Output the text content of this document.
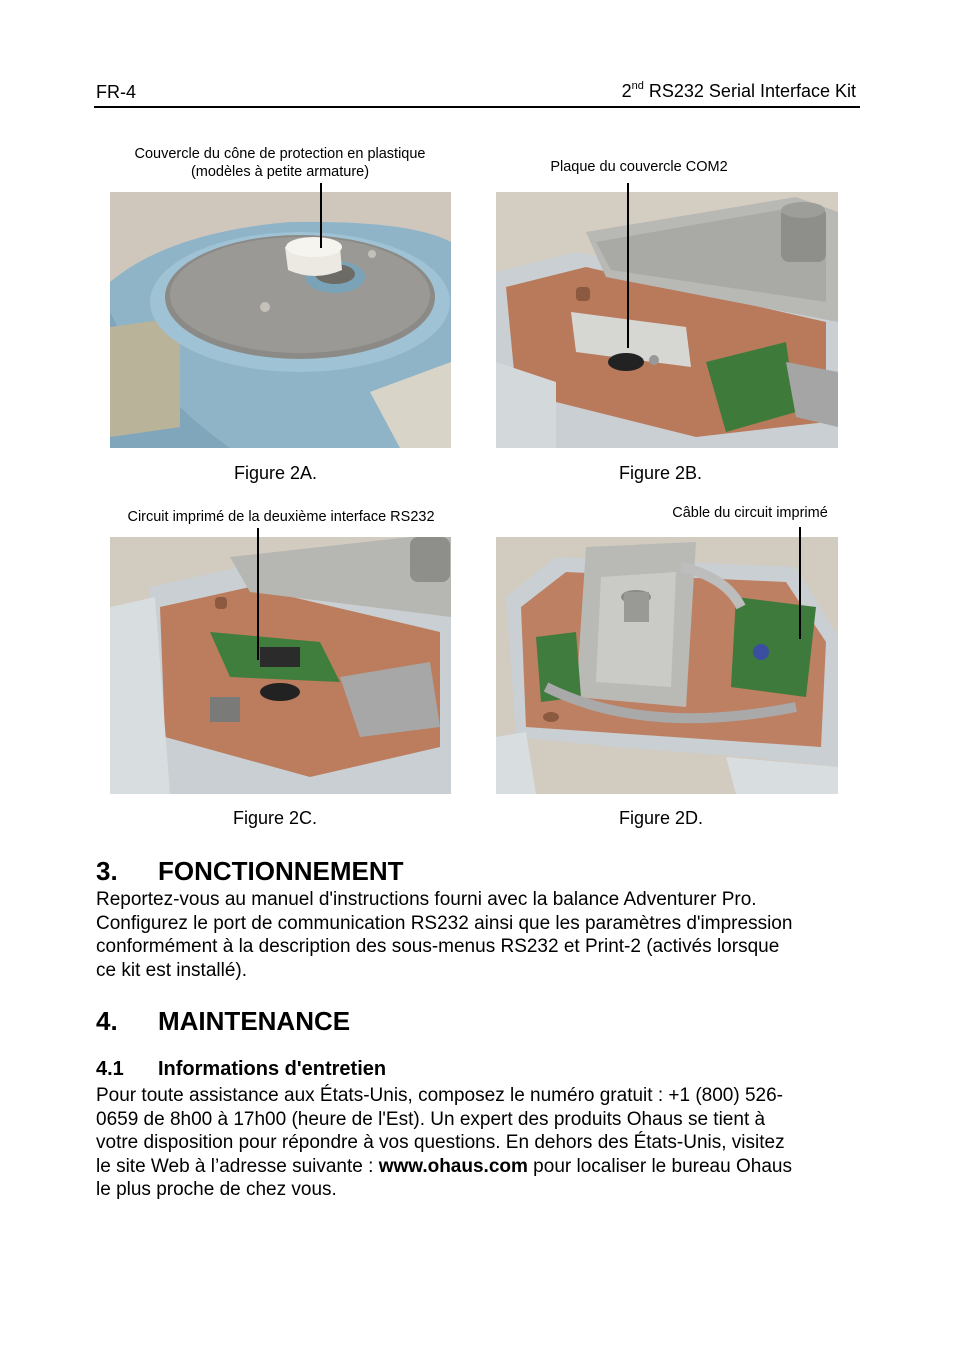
FR-4	2nd RS232 Serial Interface Kit
Couvercle du cône de protection en plastique
(modèles à petite armature)
Figure 2A.
Plaque du couvercle COM2
Figure 2B.
Circuit imprimé de la deuxième interface RS232
Figure 2C.
Câble du circuit imprimé
Figure 2D.
3. FONCTIONNEMENT
Reportez-vous au manuel d'instructions fourni avec la balance Adventurer Pro.
Configurez le port de communication RS232 ainsi que les paramètres d'impression
conformément à la description des sous-menus RS232 et Print-2 (activés lorsque
ce kit est installé).
4. MAINTENANCE
4.1 Informations d'entretien
Pour toute assistance aux États-Unis, composez le numéro gratuit : +1 (800) 526-
0659 de 8h00 à 17h00 (heure de l'Est). Un expert des produits Ohaus se tient à
votre disposition pour répondre à vos questions. En dehors des États-Unis, visitez
le site Web à l’adresse suivante : www.ohaus.com pour localiser le bureau Ohaus
le plus proche de chez vous.
